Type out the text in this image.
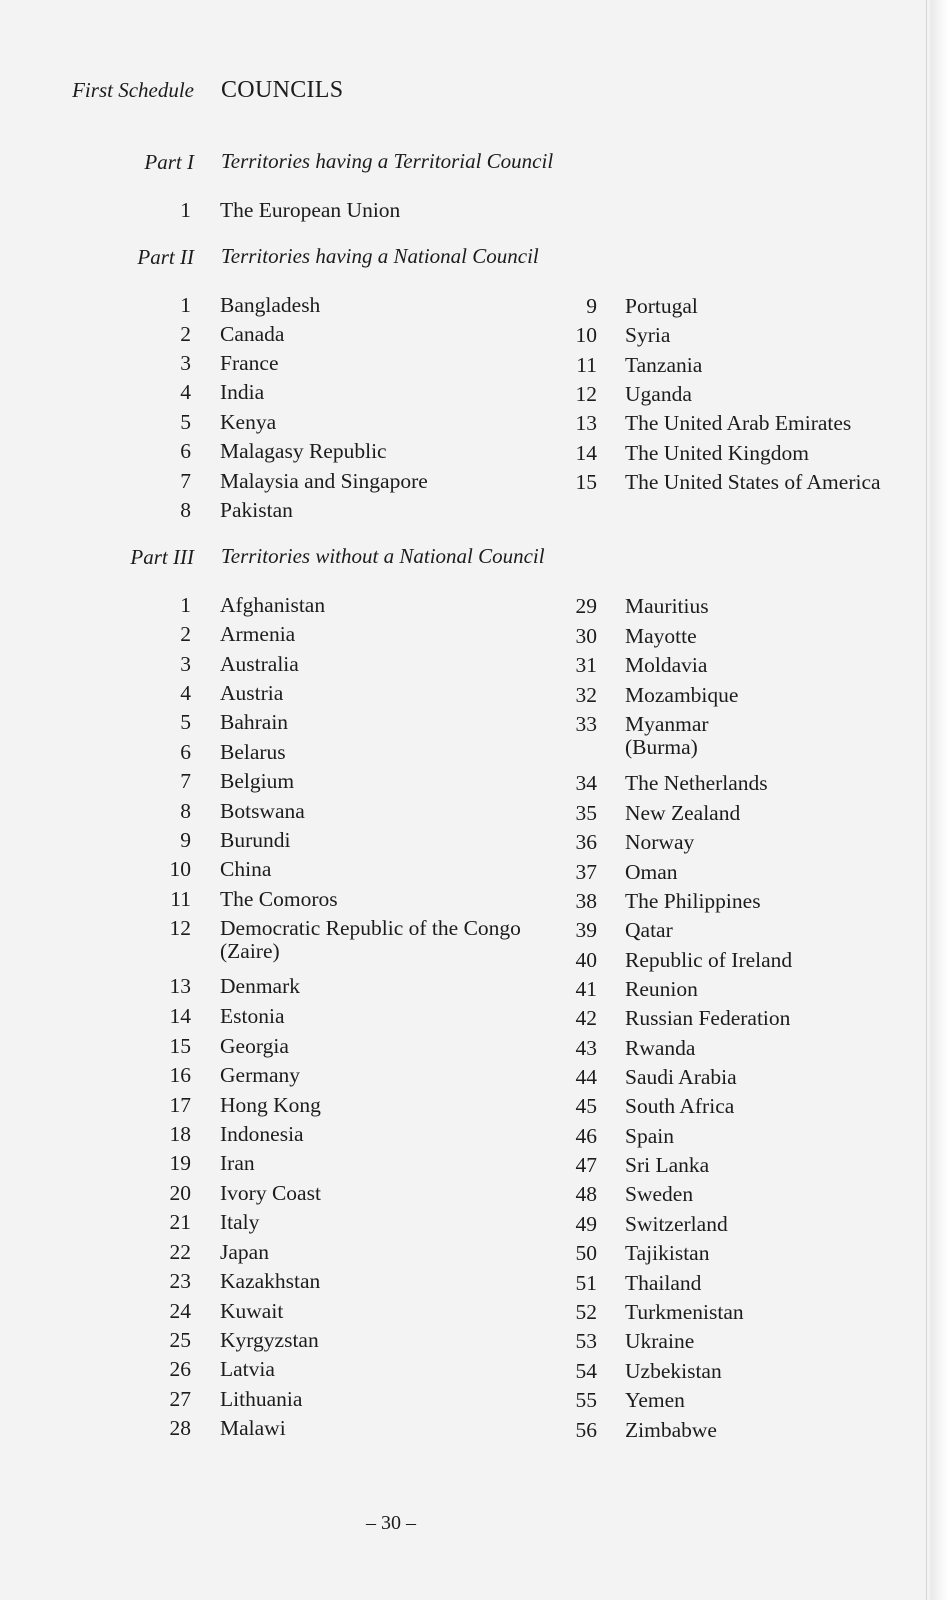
First Schedule COUNCILS
Part I Territories having a Territorial Council
1 The European Union
Part II Territories having a National Council
1 Bangladesh
2 Canada
3 France
4 India
5 Kenya
6 Malagasy Republic
7 Malaysia and Singapore
8 Pakistan
9 Portugal
10 Syria
11 Tanzania
12 Uganda
13 The United Arab Emirates
14 The United Kingdom
15 The United States of America
Part III Territories without a National Council
1 Afghanistan
2 Armenia
3 Australia
4 Austria
5 Bahrain
6 Belarus
7 Belgium
8 Botswana
9 Burundi
10 China
11 The Comoros
12 Democratic Republic of the Congo (Zaire)
13 Denmark
14 Estonia
15 Georgia
16 Germany
17 Hong Kong
18 Indonesia
19 Iran
20 Ivory Coast
21 Italy
22 Japan
23 Kazakhstan
24 Kuwait
25 Kyrgyzstan
26 Latvia
27 Lithuania
28 Malawi
29 Mauritius
30 Mayotte
31 Moldavia
32 Mozambique
33 Myanmar (Burma)
34 The Netherlands
35 New Zealand
36 Norway
37 Oman
38 The Philippines
39 Qatar
40 Republic of Ireland
41 Reunion
42 Russian Federation
43 Rwanda
44 Saudi Arabia
45 South Africa
46 Spain
47 Sri Lanka
48 Sweden
49 Switzerland
50 Tajikistan
51 Thailand
52 Turkmenistan
53 Ukraine
54 Uzbekistan
55 Yemen
56 Zimbabwe
– 30 –
